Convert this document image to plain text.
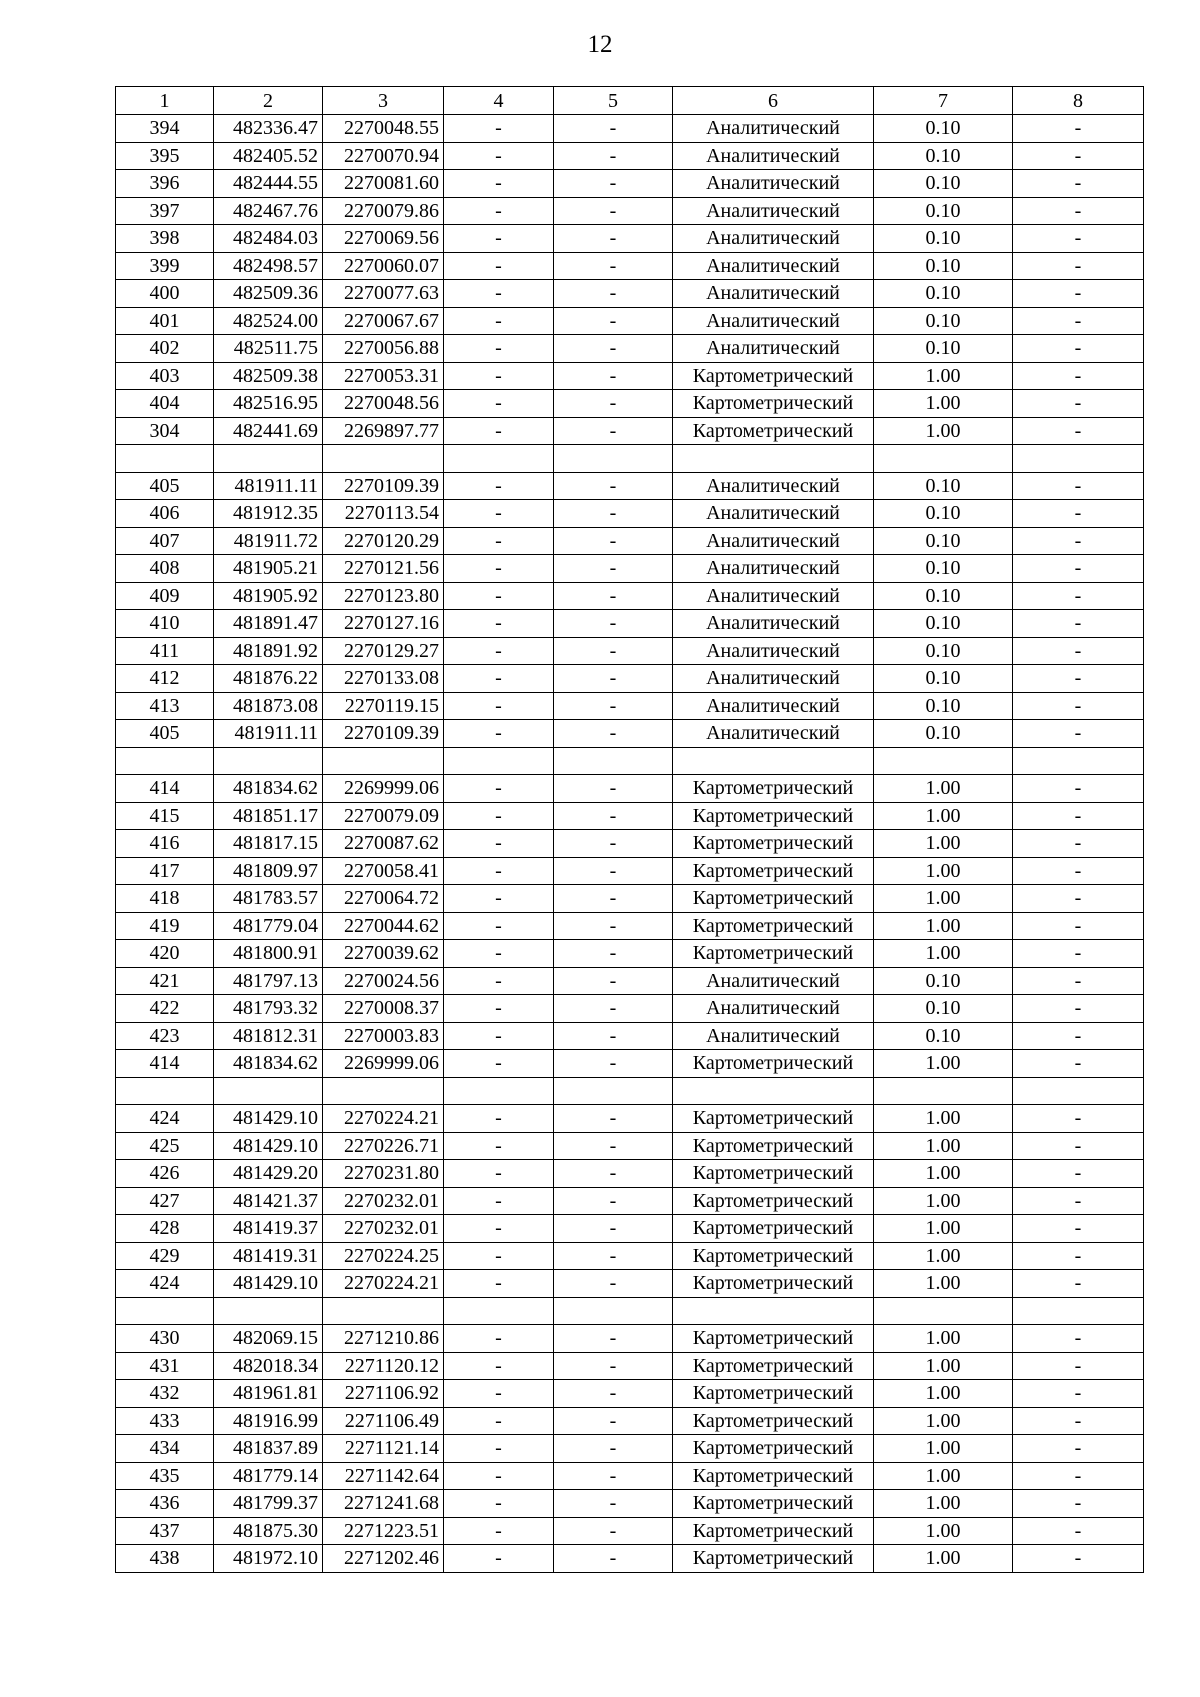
12
1	2	3	4	5	6	7	8
394	482336.47	2270048.55	-	-	Аналитический	0.10	-
395	482405.52	2270070.94	-	-	Аналитический	0.10	-
396	482444.55	2270081.60	-	-	Аналитический	0.10	-
397	482467.76	2270079.86	-	-	Аналитический	0.10	-
398	482484.03	2270069.56	-	-	Аналитический	0.10	-
399	482498.57	2270060.07	-	-	Аналитический	0.10	-
400	482509.36	2270077.63	-	-	Аналитический	0.10	-
401	482524.00	2270067.67	-	-	Аналитический	0.10	-
402	482511.75	2270056.88	-	-	Аналитический	0.10	-
403	482509.38	2270053.31	-	-	Картометрический	1.00	-
404	482516.95	2270048.56	-	-	Картометрический	1.00	-
304	482441.69	2269897.77	-	-	Картометрический	1.00	-

405	481911.11	2270109.39	-	-	Аналитический	0.10	-
406	481912.35	2270113.54	-	-	Аналитический	0.10	-
407	481911.72	2270120.29	-	-	Аналитический	0.10	-
408	481905.21	2270121.56	-	-	Аналитический	0.10	-
409	481905.92	2270123.80	-	-	Аналитический	0.10	-
410	481891.47	2270127.16	-	-	Аналитический	0.10	-
411	481891.92	2270129.27	-	-	Аналитический	0.10	-
412	481876.22	2270133.08	-	-	Аналитический	0.10	-
413	481873.08	2270119.15	-	-	Аналитический	0.10	-
405	481911.11	2270109.39	-	-	Аналитический	0.10	-

414	481834.62	2269999.06	-	-	Картометрический	1.00	-
415	481851.17	2270079.09	-	-	Картометрический	1.00	-
416	481817.15	2270087.62	-	-	Картометрический	1.00	-
417	481809.97	2270058.41	-	-	Картометрический	1.00	-
418	481783.57	2270064.72	-	-	Картометрический	1.00	-
419	481779.04	2270044.62	-	-	Картометрический	1.00	-
420	481800.91	2270039.62	-	-	Картометрический	1.00	-
421	481797.13	2270024.56	-	-	Аналитический	0.10	-
422	481793.32	2270008.37	-	-	Аналитический	0.10	-
423	481812.31	2270003.83	-	-	Аналитический	0.10	-
414	481834.62	2269999.06	-	-	Картометрический	1.00	-

424	481429.10	2270224.21	-	-	Картометрический	1.00	-
425	481429.10	2270226.71	-	-	Картометрический	1.00	-
426	481429.20	2270231.80	-	-	Картометрический	1.00	-
427	481421.37	2270232.01	-	-	Картометрический	1.00	-
428	481419.37	2270232.01	-	-	Картометрический	1.00	-
429	481419.31	2270224.25	-	-	Картометрический	1.00	-
424	481429.10	2270224.21	-	-	Картометрический	1.00	-

430	482069.15	2271210.86	-	-	Картометрический	1.00	-
431	482018.34	2271120.12	-	-	Картометрический	1.00	-
432	481961.81	2271106.92	-	-	Картометрический	1.00	-
433	481916.99	2271106.49	-	-	Картометрический	1.00	-
434	481837.89	2271121.14	-	-	Картометрический	1.00	-
435	481779.14	2271142.64	-	-	Картометрический	1.00	-
436	481799.37	2271241.68	-	-	Картометрический	1.00	-
437	481875.30	2271223.51	-	-	Картометрический	1.00	-
438	481972.10	2271202.46	-	-	Картометрический	1.00	-
